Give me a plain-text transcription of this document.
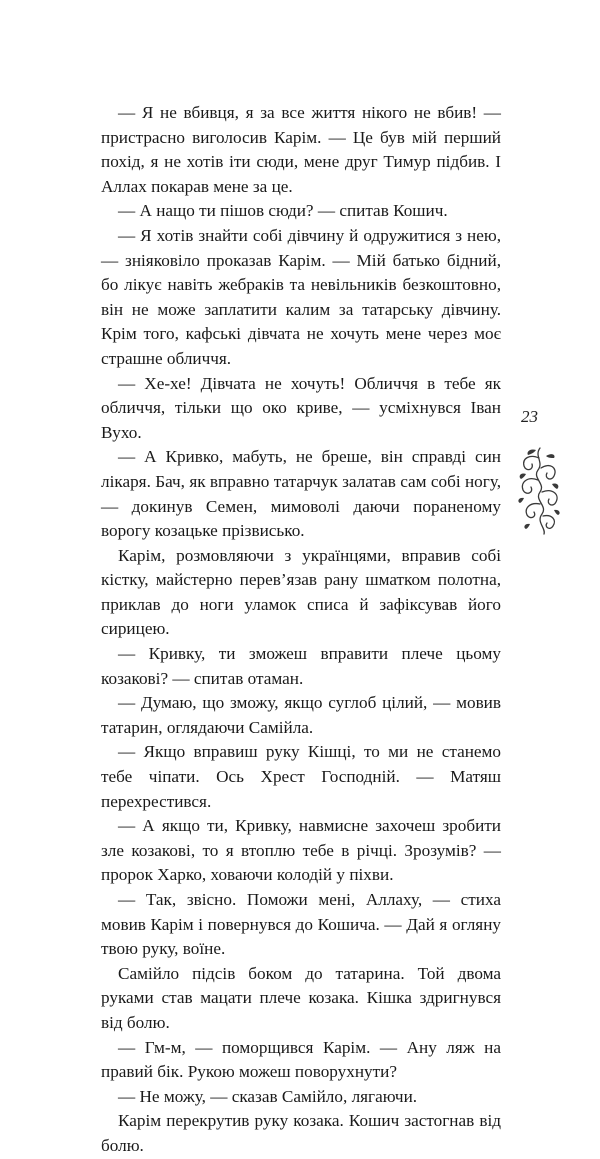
— Я не вбивця, я за все життя нікого не вбив! — пристрасно виголосив Карім. — Це був мій перший похід, я не хотів іти сюди, мене друг Тимур підбив. І Аллах покарав мене за це.

— А нащо ти пішов сюди? — спитав Кошич.

— Я хотів знайти собі дівчину й одружитися з нею, — зніяковіло проказав Карім. — Мій батько бідний, бо лікує навіть жебраків та невільників безкоштовно, він не може заплатити калим за татарську дівчину. Крім того, кафські дівчата не хочуть мене через моє страшне обличчя.

— Хе-хе! Дівчата не хочуть! Обличчя в тебе як обличчя, тільки що око криве, — усміхнувся Іван Вухо.

— А Кривко, мабуть, не бреше, він справді син лікаря. Бач, як вправно татарчук залатав сам собі ногу, — докинув Семен, мимоволі даючи пораненому ворогу козацьке прізвисько.

Карім, розмовляючи з українцями, вправив собі кістку, майстерно перев’язав рану шматком полотна, приклав до ноги уламок списа й зафіксував його сирицею.

— Кривку, ти зможеш вправити плече цьому козакові? — спитав отаман.

— Думаю, що зможу, якщо суглоб цілий, — мовив татарин, оглядаючи Самійла.

— Якщо вправиш руку Кішці, то ми не станемо тебе чіпати. Ось Хрест Господній. — Матяш перехрестився.

— А якщо ти, Кривку, навмисне захочеш зробити зле козакові, то я втоплю тебе в річці. Зрозумів? — пророк Харко, ховаючи колодій у піхви.

— Так, звісно. Поможи мені, Аллаху, — стиха мовив Карім і повернувся до Кошича. — Дай я огляну твою руку, воїне.

Самійло підсів боком до татарина. Той двома руками став мацати плече козака. Кішка здригнувся від болю.

— Гм-м, — поморщився Карім. — Ану ляж на правий бік. Рукою можеш поворухнути?

— Не можу, — сказав Самійло, лягаючи.

Карім перекрутив руку козака. Кошич застогнав від болю.

23
